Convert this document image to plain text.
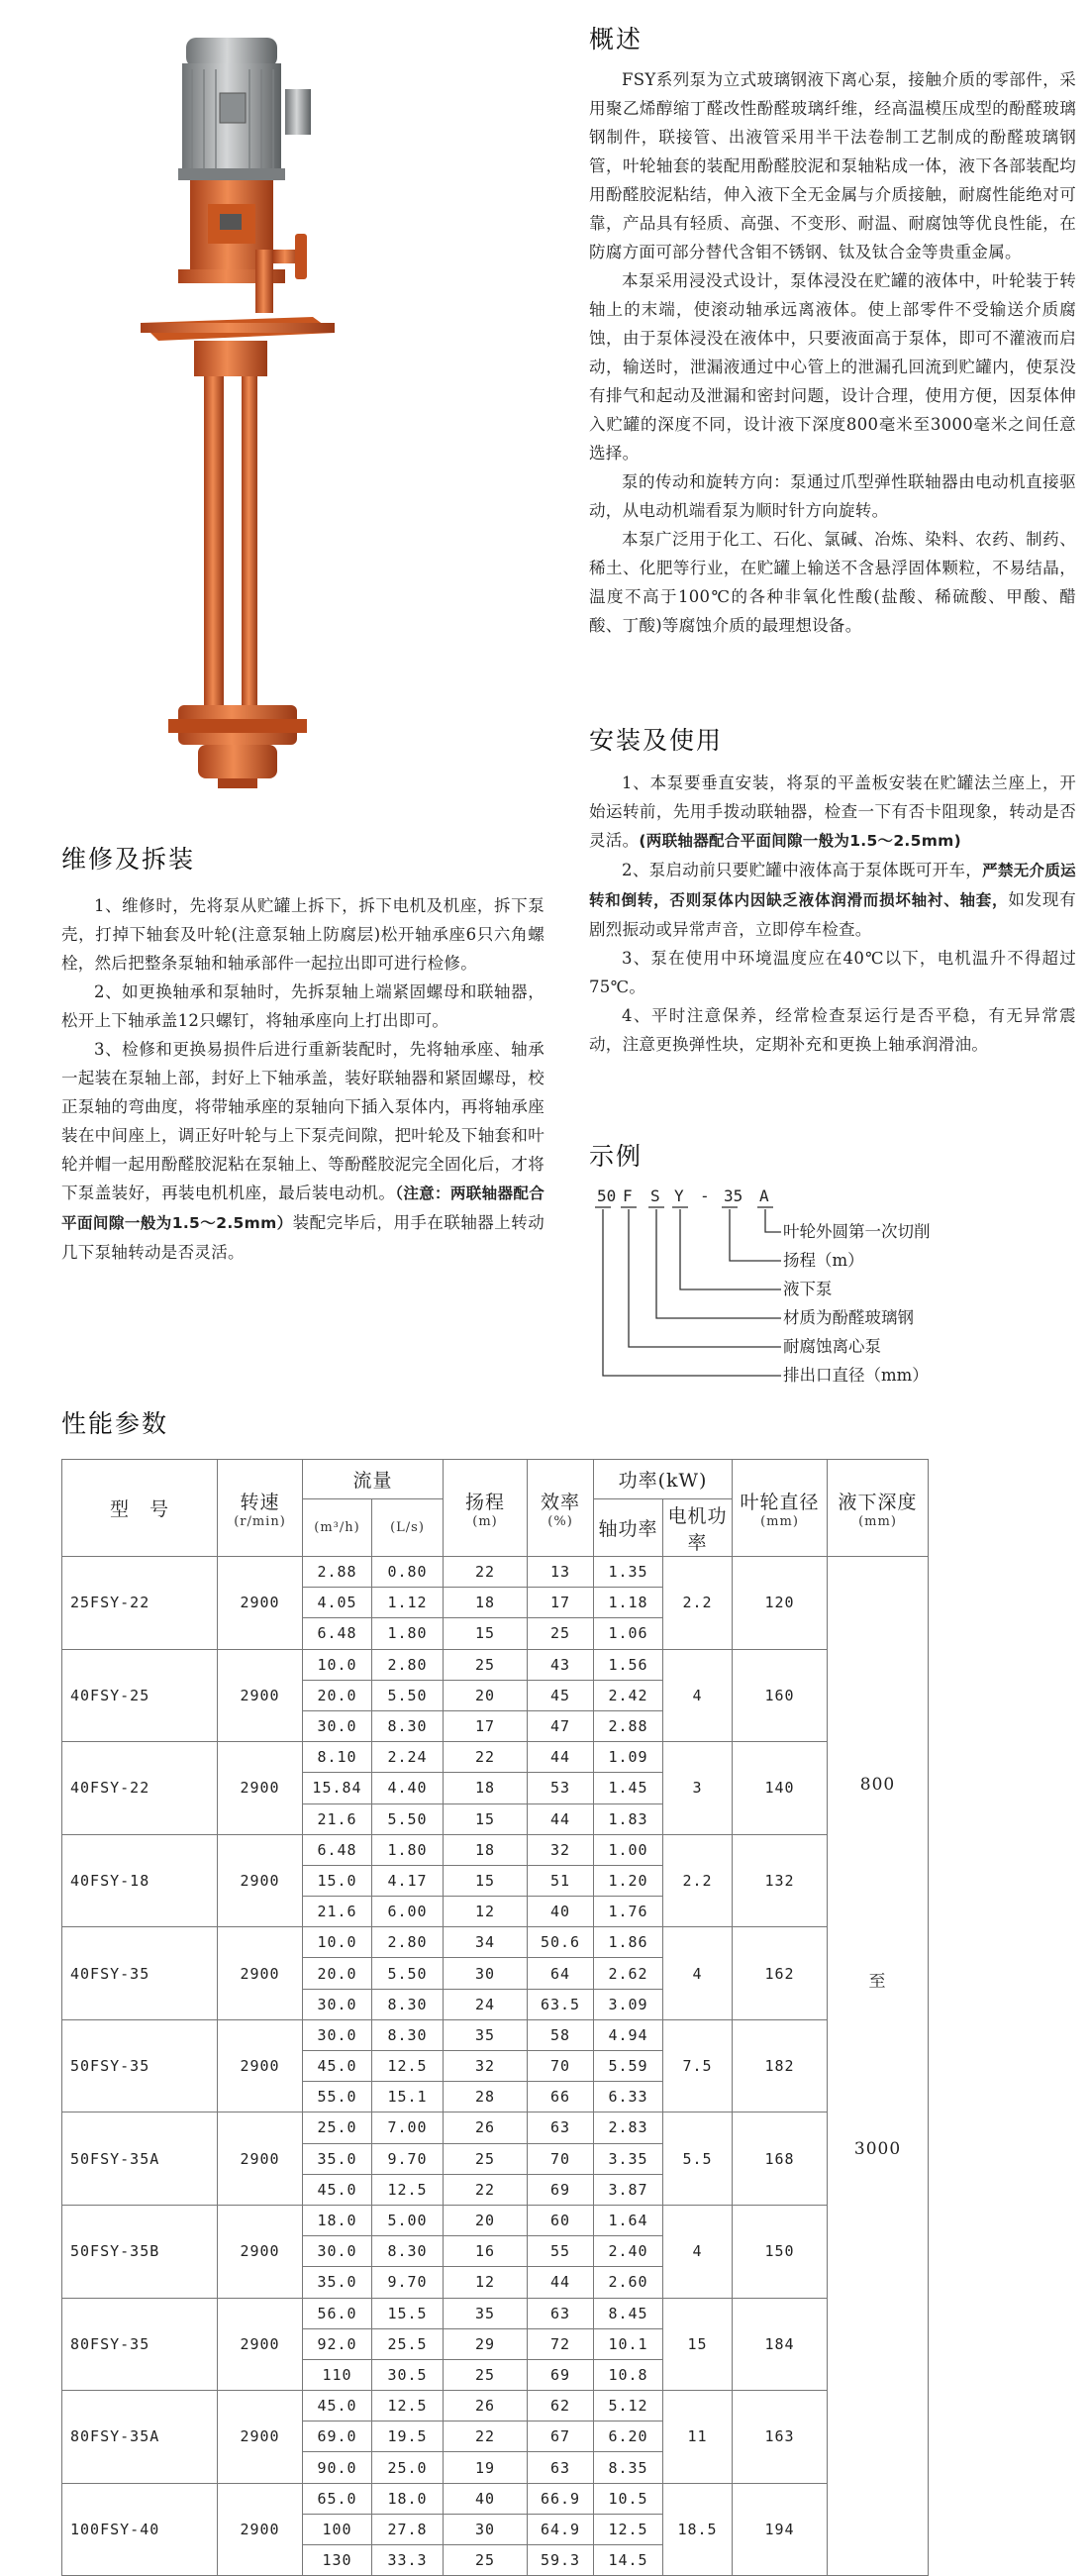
概述

FSY系列泵为立式玻璃钢液下离心泵，接触介质的零部件，采用聚乙烯醇缩丁醛改性酚醛玻璃纤维，经高温模压成型的酚醛玻璃钢制件，联接管、出液管采用半干法卷制工艺制成的酚醛玻璃钢管，叶轮轴套的装配用酚醛胶泥和泵轴粘成一体，液下各部装配均用酚醛胶泥粘结，伸入液下全无金属与介质接触，耐腐性能绝对可靠，产品具有轻质、高强、不变形、耐温、耐腐蚀等优良性能，在防腐方面可部分替代含钼不锈钢、钛及钛合金等贵重金属。

本泵采用浸没式设计，泵体浸没在贮罐的液体中，叶轮装于转轴上的末端，使滚动轴承远离液体。使上部零件不受输送介质腐蚀，由于泵体浸没在液体中，只要液面高于泵体，即可不灌液而启动，输送时，泄漏液通过中心管上的泄漏孔回流到贮罐内，使泵没有排气和起动及泄漏和密封问题，设计合理，使用方便，因泵体伸入贮罐的深度不同，设计液下深度800毫米至3000毫米之间任意选择。

泵的传动和旋转方向：泵通过爪型弹性联轴器由电动机直接驱动，从电动机端看泵为顺时针方向旋转。

本泵广泛用于化工、石化、氯碱、冶炼、染料、农药、制药、稀土、化肥等行业，在贮罐上输送不含悬浮固体颗粒，不易结晶，温度不高于100℃的各种非氧化性酸(盐酸、稀硫酸、甲酸、醋酸、丁酸)等腐蚀介质的最理想设备。

安装及使用

1、本泵要垂直安装，将泵的平盖板安装在贮罐法兰座上，开始运转前，先用手拨动联轴器，检查一下有否卡阻现象，转动是否灵活。(两联轴器配合平面间隙一般为1.5～2.5mm)

2、泵启动前只要贮罐中液体高于泵体既可开车，严禁无介质运转和倒转，否则泵体内因缺乏液体润滑而损坏轴衬、轴套，如发现有剧烈振动或异常声音，立即停车检查。

3、泵在使用中环境温度应在40℃以下，电机温升不得超过75℃。

4、平时注意保养，经常检查泵运行是否平稳，有无异常震动，注意更换弹性块，定期补充和更换上轴承润滑油。

示例
50 F S Y - 35 A
叶轮外圆第一次切削
扬程（m）
液下泵
材质为酚醛玻璃钢
耐腐蚀离心泵
排出口直径（mm）
维修及拆装

1、维修时，先将泵从贮罐上拆下，拆下电机及机座，拆下泵壳，打掉下轴套及叶轮(注意泵轴上防腐层)松开轴承座6只六角螺栓，然后把整条泵轴和轴承部件一起拉出即可进行检修。

2、如更换轴承和泵轴时，先拆泵轴上端紧固螺母和联轴器，松开上下轴承盖12只螺钉，将轴承座向上打出即可。

3、检修和更换易损件后进行重新装配时，先将轴承座、轴承一起装在泵轴上部，封好上下轴承盖，装好联轴器和紧固螺母，校正泵轴的弯曲度，将带轴承座的泵轴向下插入泵体内，再将轴承座装在中间座上，调正好叶轮与上下泵壳间隙，把叶轮及下轴套和叶轮并帽一起用酚醛胶泥粘在泵轴上、等酚醛胶泥完全固化后，才将下泵盖装好，再装电机机座，最后装电动机。（注意：两联轴器配合平面间隙一般为1.5～2.5mm）装配完毕后，用手在联轴器上转动几下泵轴转动是否灵活。

性能参数
型　号	转速
(r/min)	流量		扬程
(m)	效率
(%)	功率(kW)		叶轮直径
(mm)	液下深度
(mm)

		(m³/h)	(L/s)			轴功率	电机功率		

25FSY-22	2900	2.88	0.80	22	13	1.35	2.2	120	800
至
3000

		4.05	1.12	18	17	1.18			
		6.48	1.80	15	25	1.06			
40FSY-25	2900	10.0	2.80	25	43	1.56	4	160	
		20.0	5.50	20	45	2.42			
		30.0	8.30	17	47	2.88			
40FSY-22	2900	8.10	2.24	22	44	1.09	3	140	
		15.84	4.40	18	53	1.45			
		21.6	5.50	15	44	1.83			
40FSY-18	2900	6.48	1.80	18	32	1.00	2.2	132	
		15.0	4.17	15	51	1.20			
		21.6	6.00	12	40	1.76			
40FSY-35	2900	10.0	2.80	34	50.6	1.86	4	162	
		20.0	5.50	30	64	2.62			
		30.0	8.30	24	63.5	3.09			
50FSY-35	2900	30.0	8.30	35	58	4.94	7.5	182	
		45.0	12.5	32	70	5.59			
		55.0	15.1	28	66	6.33			
50FSY-35A	2900	25.0	7.00	26	63	2.83	5.5	168	
		35.0	9.70	25	70	3.35			
		45.0	12.5	22	69	3.87			
50FSY-35B	2900	18.0	5.00	20	60	1.64	4	150	
		30.0	8.30	16	55	2.40			
		35.0	9.70	12	44	2.60			
80FSY-35	2900	56.0	15.5	35	63	8.45	15	184	
		92.0	25.5	29	72	10.1			
		110	30.5	25	69	10.8			
80FSY-35A	2900	45.0	12.5	26	62	5.12	11	163	
		69.0	19.5	22	67	6.20			
		90.0	25.0	19	63	8.35			
100FSY-40	2900	65.0	18.0	40	66.9	10.5	18.5	194	
		100	27.8	30	64.9	12.5			
		130	33.3	25	59.3	14.5			
